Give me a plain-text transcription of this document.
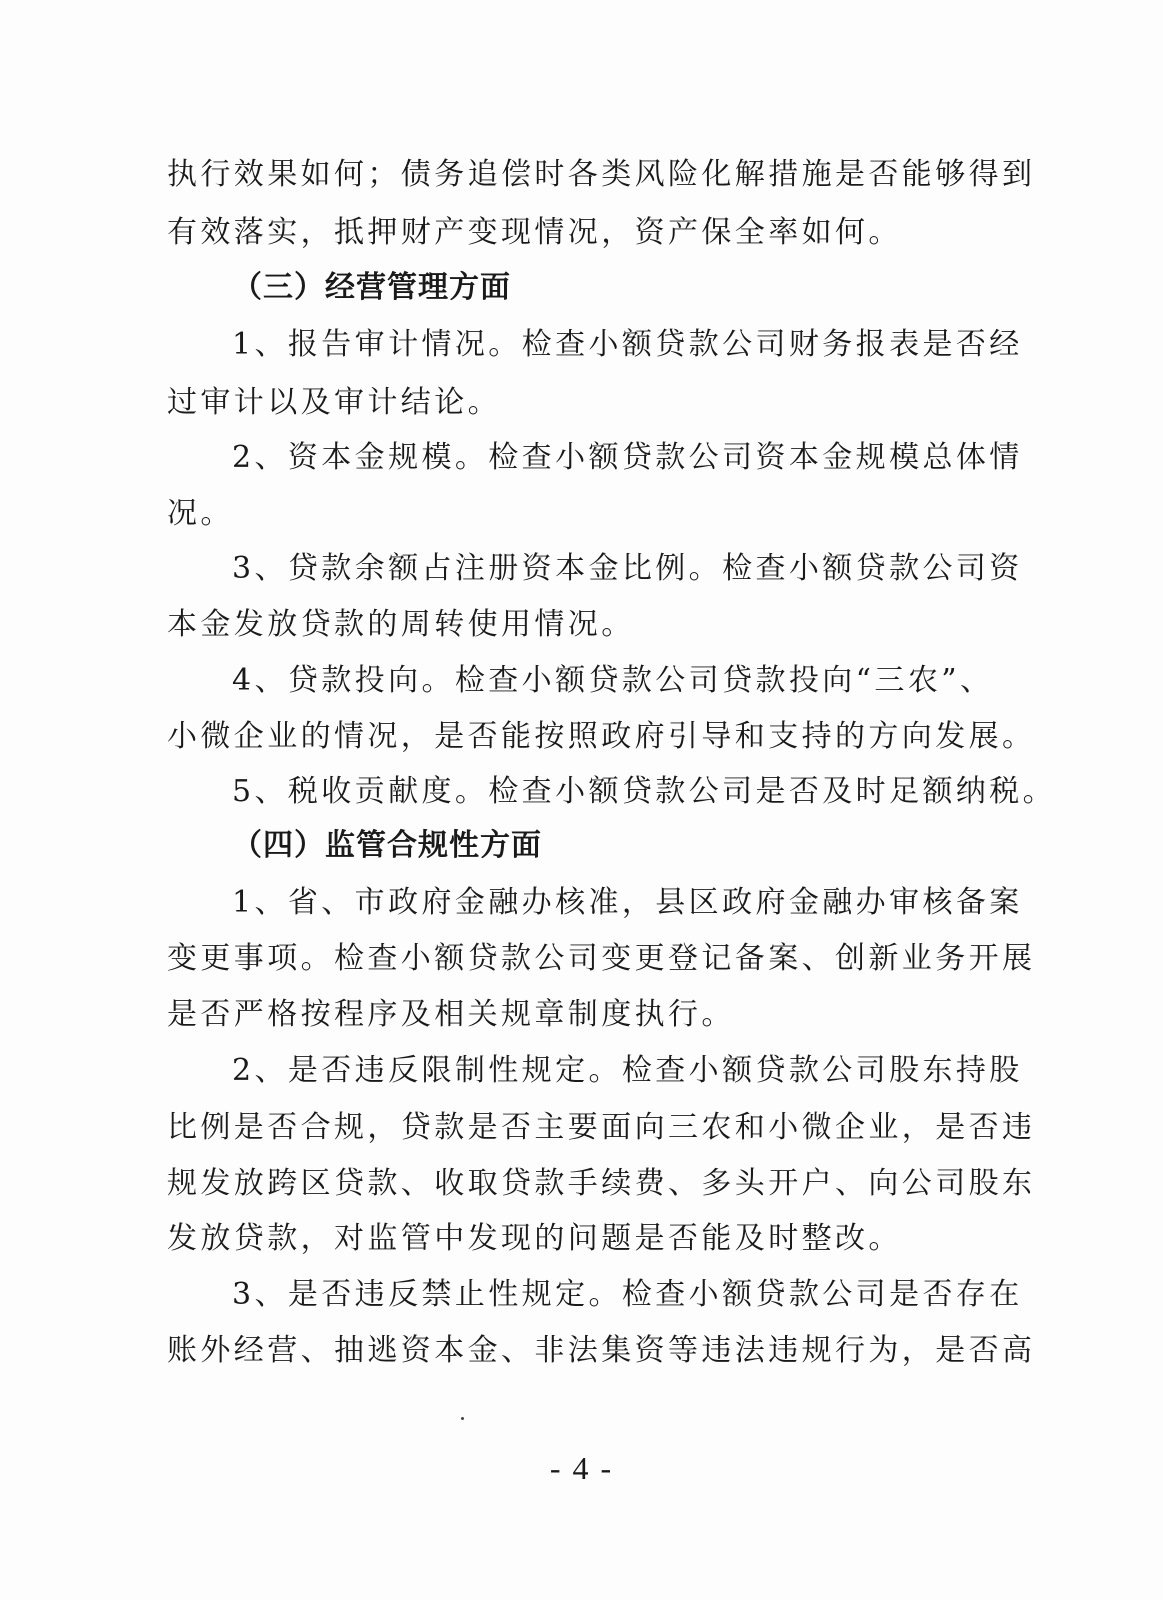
执行效果如何；债务追偿时各类风险化解措施是否能够得到
有效落实，抵押财产变现情况，资产保全率如何。
（三）经营管理方面
1、报告审计情况。检查小额贷款公司财务报表是否经
过审计以及审计结论。
2、资本金规模。检查小额贷款公司资本金规模总体情
况。
3、贷款余额占注册资本金比例。检查小额贷款公司资
本金发放贷款的周转使用情况。
4、贷款投向。检查小额贷款公司贷款投向“三农”、
小微企业的情况，是否能按照政府引导和支持的方向发展。
5、税收贡献度。检查小额贷款公司是否及时足额纳税。
（四）监管合规性方面
1、省、市政府金融办核准，县区政府金融办审核备案
变更事项。检查小额贷款公司变更登记备案、创新业务开展
是否严格按程序及相关规章制度执行。
2、是否违反限制性规定。检查小额贷款公司股东持股
比例是否合规，贷款是否主要面向三农和小微企业，是否违
规发放跨区贷款、收取贷款手续费、多头开户、向公司股东
发放贷款，对监管中发现的问题是否能及时整改。
3、是否违反禁止性规定。检查小额贷款公司是否存在
账外经营、抽逃资本金、非法集资等违法违规行为，是否高
- 4 -
